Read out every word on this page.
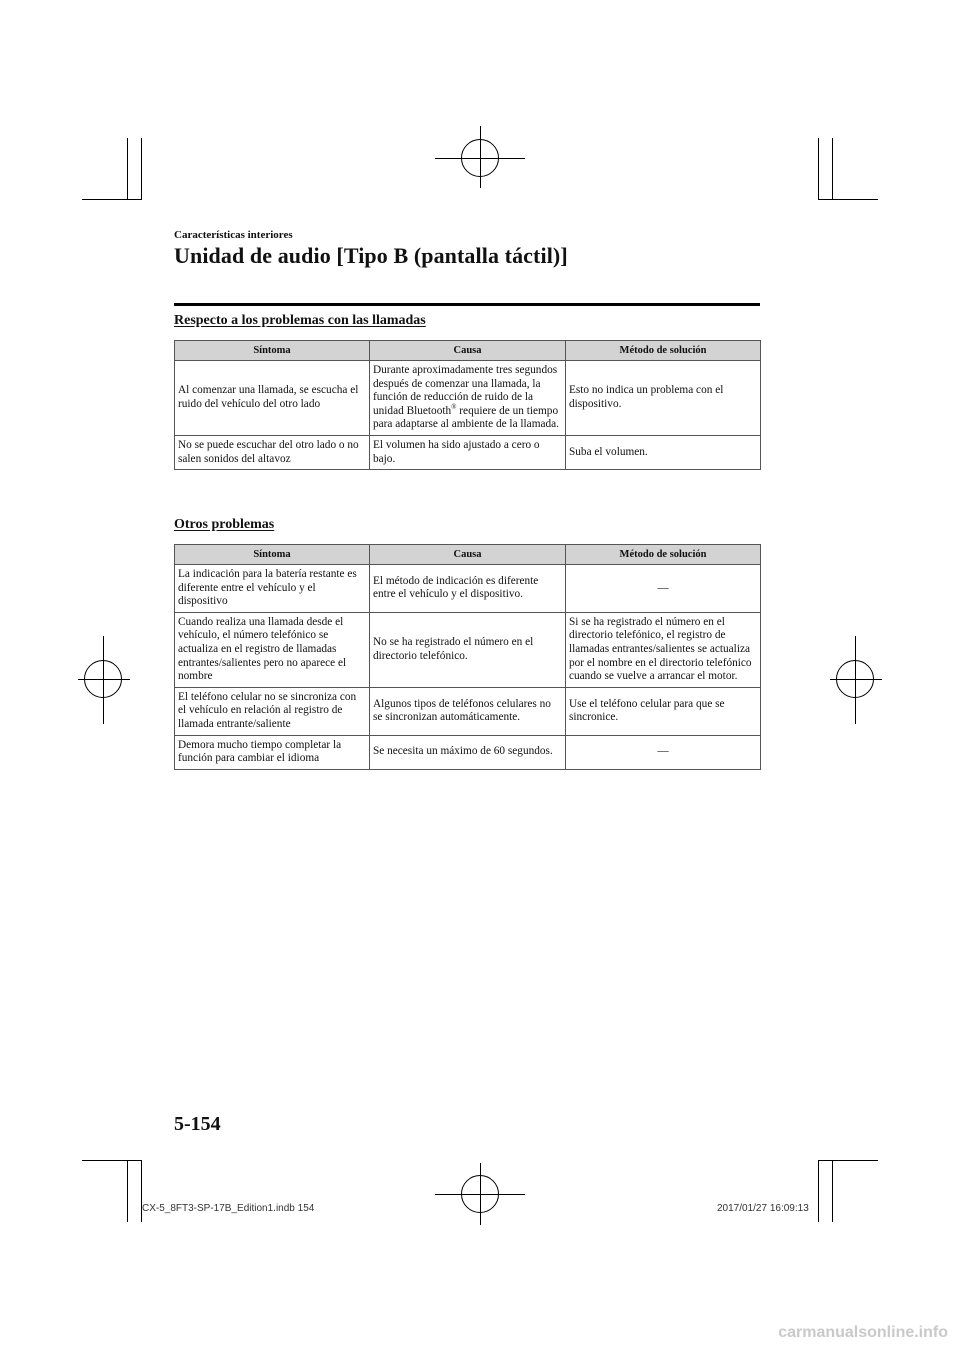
Características interiores
Unidad de audio [Tipo B (pantalla táctil)]
Respecto a los problemas con las llamadas
Síntoma	Causa	Método de solución
Al comenzar una llamada, se escucha el ruido del vehículo del otro lado	Durante aproximadamente tres segundos después de comenzar una llamada, la función de reducción de ruido de la unidad Bluetooth® requiere de un tiempo para adaptarse al ambiente de la llamada.	Esto no indica un problema con el dispositivo.
No se puede escuchar del otro lado o no salen sonidos del altavoz	El volumen ha sido ajustado a cero o bajo.	Suba el volumen.
Otros problemas
Síntoma	Causa	Método de solución
La indicación para la batería restante es diferente entre el vehículo y el dispositivo	El método de indicación es diferente entre el vehículo y el dispositivo.	—
Cuando realiza una llamada desde el vehículo, el número telefónico se actualiza en el registro de llamadas entrantes/salientes pero no aparece el nombre	No se ha registrado el número en el directorio telefónico.	Si se ha registrado el número en el directorio telefónico, el registro de llamadas entrantes/salientes se actualiza por el nombre en el directorio telefónico cuando se vuelve a arrancar el motor.
El teléfono celular no se sincroniza con el vehículo en relación al registro de llamada entrante/saliente	Algunos tipos de teléfonos celulares no se sincronizan automáticamente.	Use el teléfono celular para que se sincronice.
Demora mucho tiempo completar la función para cambiar el idioma	Se necesita un máximo de 60 segundos.	—
5-154
CX-5_8FT3-SP-17B_Edition1.indb 154	2017/01/27 16:09:13
carmanualsonline.info
